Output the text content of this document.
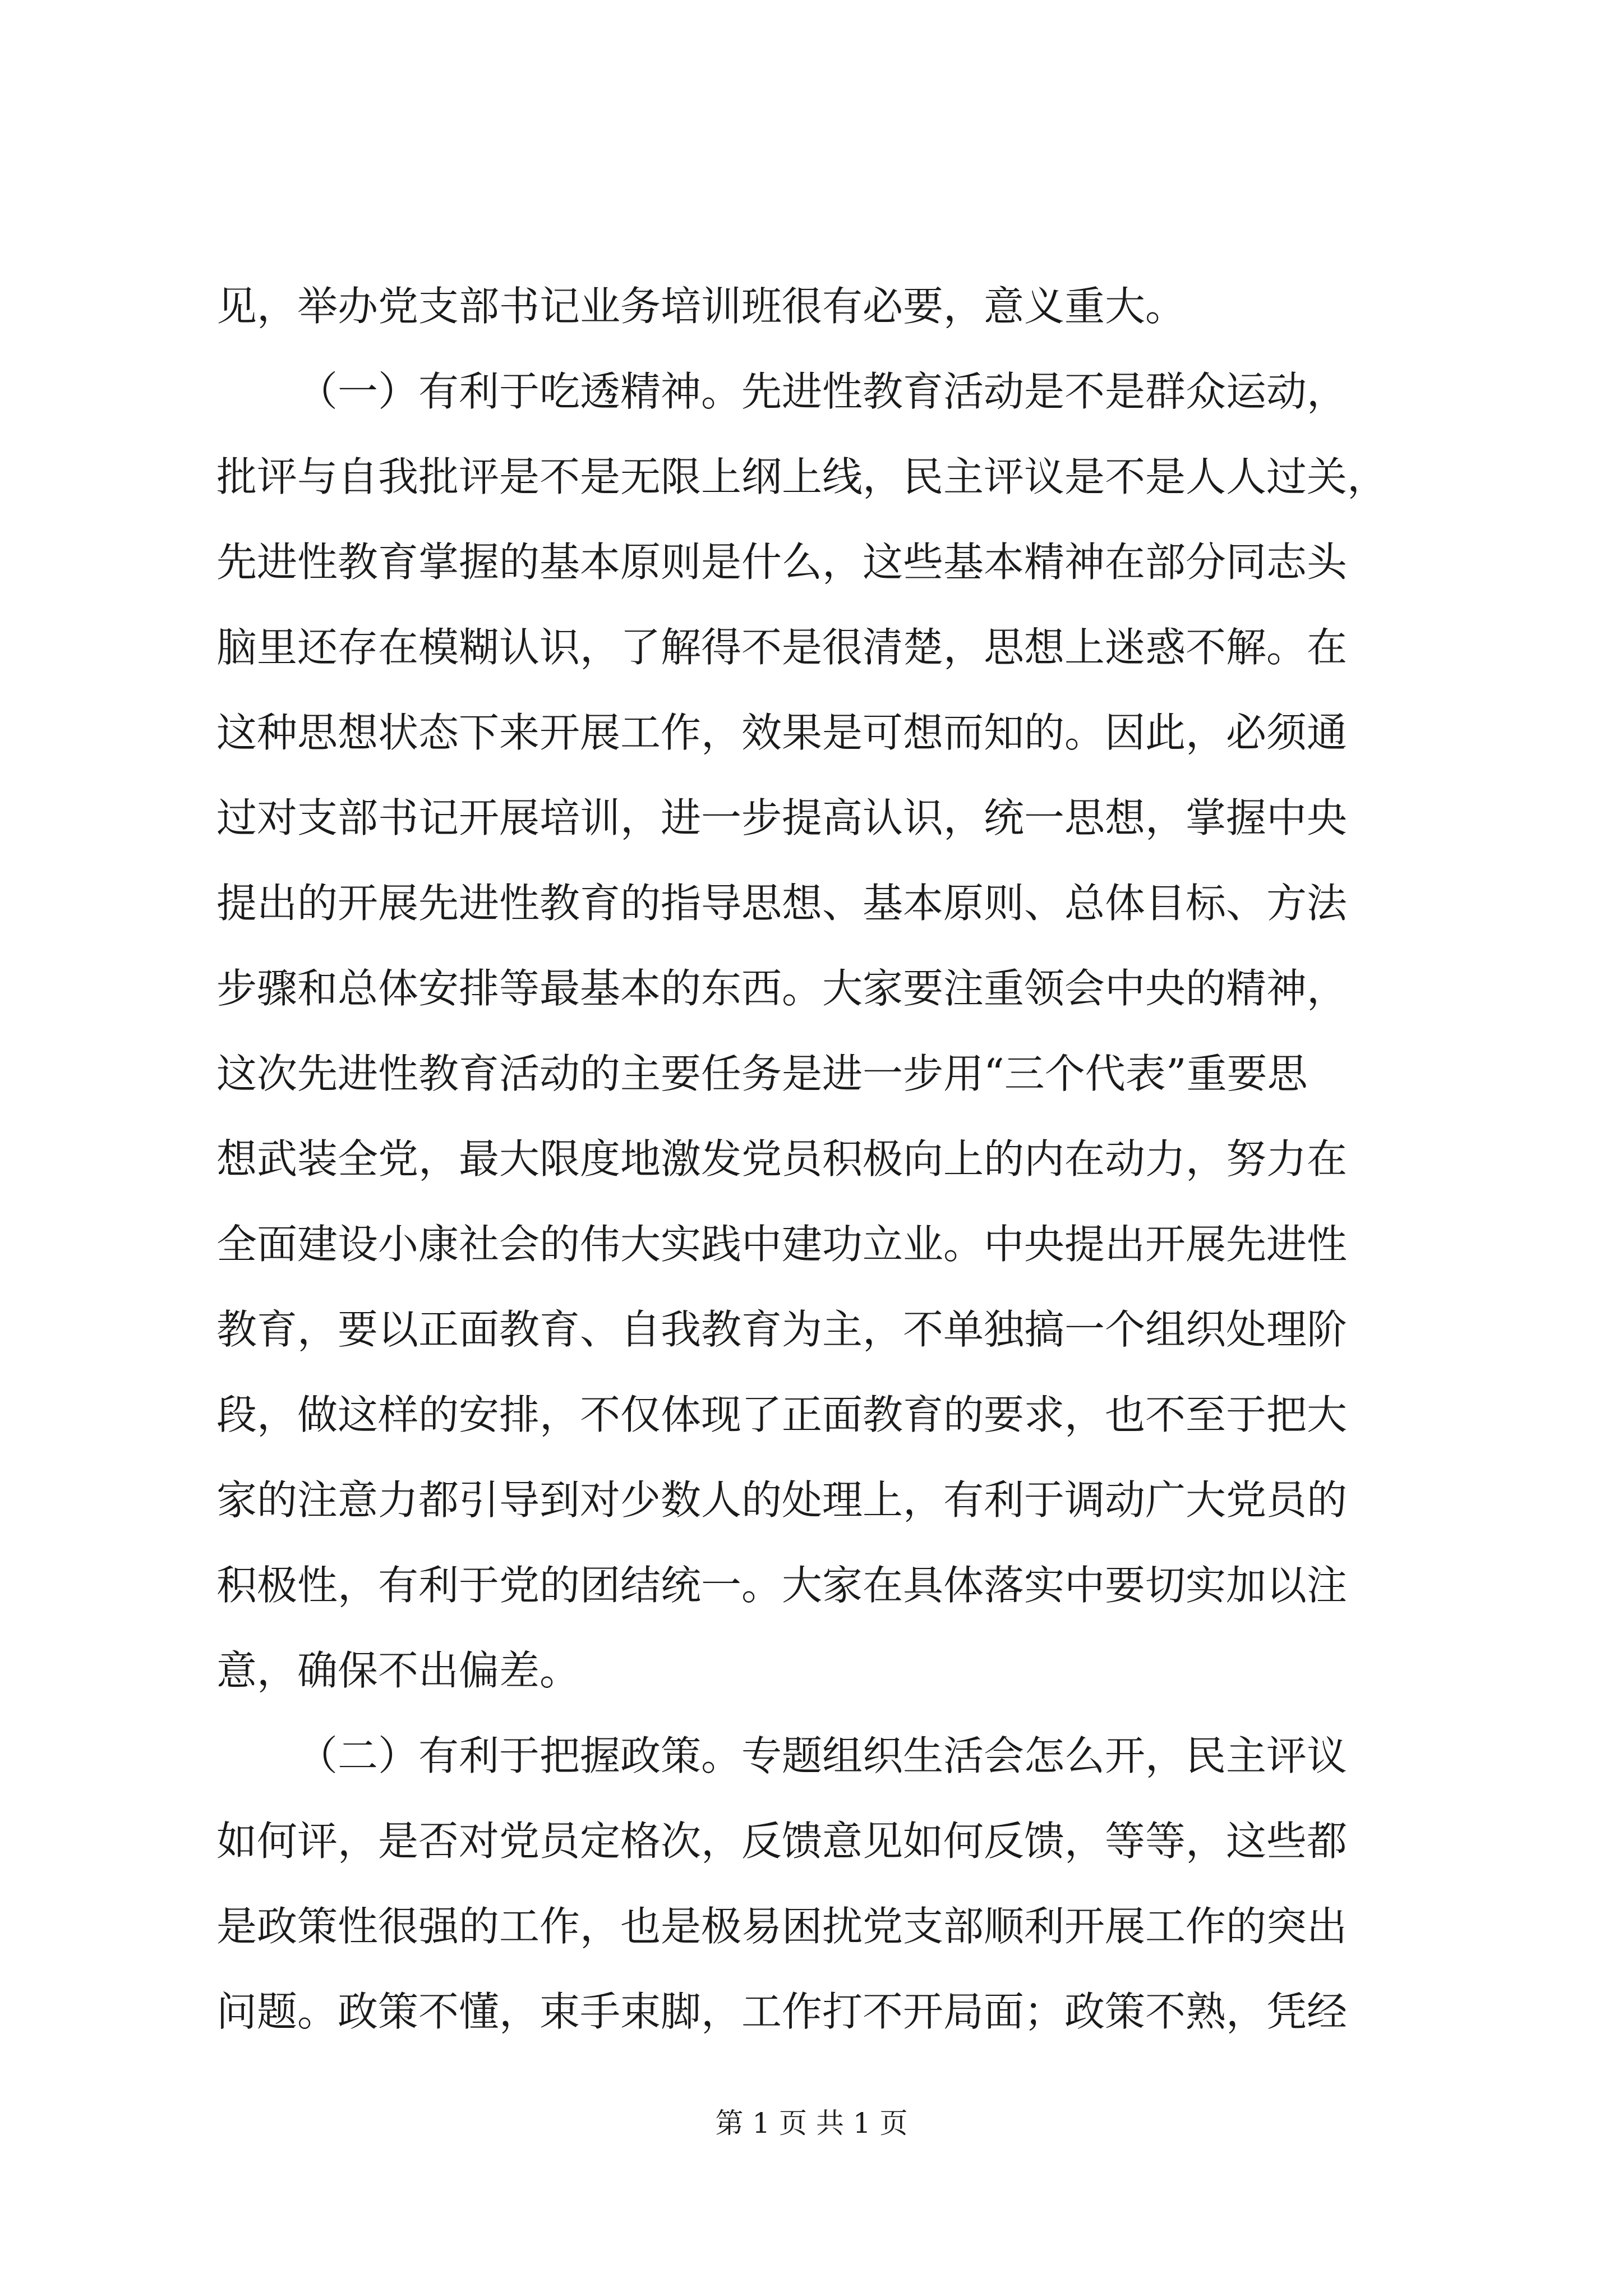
见，举办党支部书记业务培训班很有必要，意义重大。
（一）有利于吃透精神。先进性教育活动是不是群众运动，
批评与自我批评是不是无限上纲上线，民主评议是不是人人过关，
先进性教育掌握的基本原则是什么，这些基本精神在部分同志头
脑里还存在模糊认识，了解得不是很清楚，思想上迷惑不解。在
这种思想状态下来开展工作，效果是可想而知的。因此，必须通
过对支部书记开展培训，进一步提高认识，统一思想，掌握中央
提出的开展先进性教育的指导思想、基本原则、总体目标、方法
步骤和总体安排等最基本的东西。大家要注重领会中央的精神，
这次先进性教育活动的主要任务是进一步用“三个代表”重要思
想武装全党，最大限度地激发党员积极向上的内在动力，努力在
全面建设小康社会的伟大实践中建功立业。中央提出开展先进性
教育，要以正面教育、自我教育为主，不单独搞一个组织处理阶
段，做这样的安排，不仅体现了正面教育的要求，也不至于把大
家的注意力都引导到对少数人的处理上，有利于调动广大党员的
积极性，有利于党的团结统一。大家在具体落实中要切实加以注
意，确保不出偏差。
（二）有利于把握政策。专题组织生活会怎么开，民主评议
如何评，是否对党员定格次，反馈意见如何反馈，等等，这些都
是政策性很强的工作，也是极易困扰党支部顺利开展工作的突出
问题。政策不懂，束手束脚，工作打不开局面；政策不熟，凭经
第 1 页 共 1 页
